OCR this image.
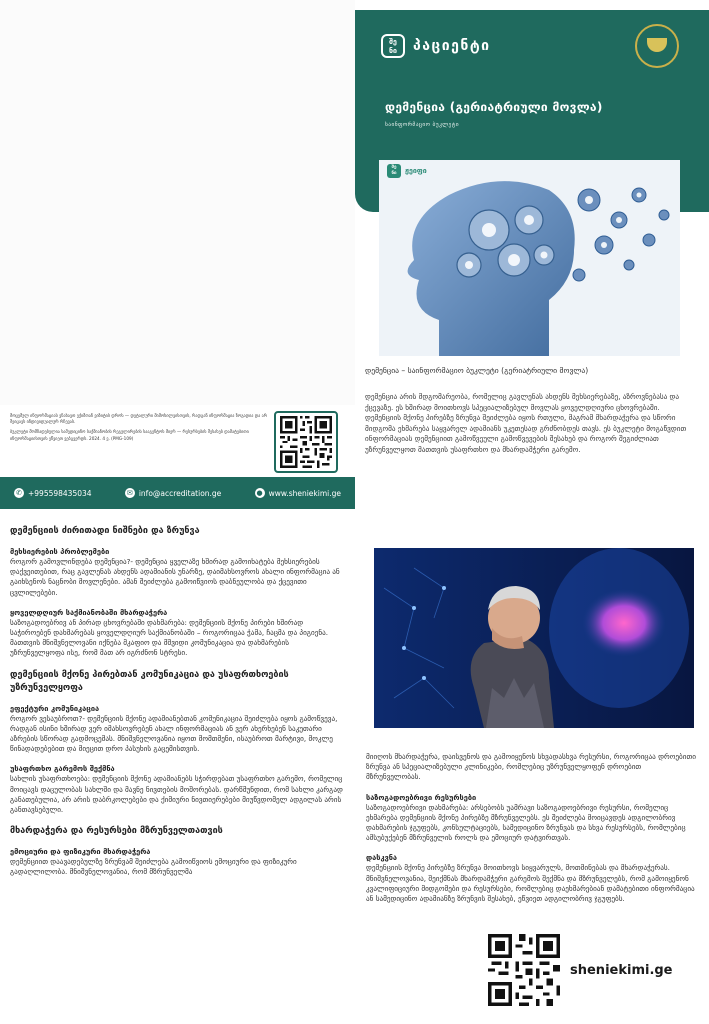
მოცემულ ინფორმაციას ვნახავთ ექიმთან ვიზიტის დროს — დეტალური მიმოხილვისთვის, რადგან ინფორმაცია ზოგადია და არ შეიცავს ინდივიდუალურ რჩევას.

ბუკლეტი მომზადებულია სამედიცინო საქმიანობის რეგულირების სააგენტოს მიერ — რესურსების შესახებ დამატებითი ინფორმაციისთვის ეწვიეთ ვებგვერდს. 2024. 4 ვ. (PMG-109)

✆ +995598435034	✉ info@accreditation.ge	● www.sheniekimi.ge
შე
ნი	პაციენტი
დემენცია (გერიატრიული მოვლა)
საინფორმაციო ბუკლეტი
შე
ნი	ჟეიფი
დემენცია – საინფორმაციო ბუკლეტი (გერიატრიული მოვლა)
დემენცია არის მდგომარეობა, რომელიც გავლენას ახდენს მეხსიერებაზე, აზროვნებასა და ქცევაზე. ეს ხშირად მოითხოვს სპეციალიზებულ მოვლას ყოველდღიური ცხოვრებაში. დემენციის მქონე პირებზე ზრუნვა შეიძლება იყოს რთული, მაგრამ მხარდაჭერა და სწორი მიდგომა ეხმარება საყვარელ ადამიანს უკეთესად გრძნობდეს თავს. ეს ბუკლეტი მოგაწვდით ინფორმაციას დემენციით გამოწვეული გამოწვევების შესახებ და როგორ შეგიძლიათ უზრუნველყოთ მათთვის უსაფრთხო და მხარდამჭერი გარემო.
დემენციის ძირითადი ნიშნები და ზრუნვა
მეხსიერების პრობლემები
როგორ გამოვლინდება დემენცია?- დემენცია ყველაზე ხშირად გამოიხატება მეხსიერების დაქვეითებით, რაც გავლენას ახდენს ადამიანის უნარზე, დაიმახსოვროს ახალი ინფორმაცია ან გაიხსენოს ნაცნობი მოვლენები. ამან შეიძლება გამოიწვიოს დაბნეულობა და ქცევითი ცვლილებები.
ყოველდღიურ საქმიანობაში მხარდაჭერა
საზოგადოებრივ ან პირად ცხოვრებაში დახმარება: დემენციის მქონე პირები ხშირად საჭიროებენ დახმარებას ყოველდღიურ საქმიანობაში – როგორიცაა ჭამა, ჩაცმა და პიგიენა. მათთვის მნიშვნელოვანი იქნება მკაფიო და მშვიდი კომუნიკაცია და დახმარების უზრუნველყოფა ისე, რომ მათ არ იგრძნონ სტრესი.
დემენციის მქონე პირებთან კომუნიკაცია და უსაფრთხოების უზრუნველყოფა
ეფექტური კომუნიკაცია
როგორ ვესაუბროთ?- დემენციის მქონე ადამიანებთან კომუნიკაცია შეიძლება იყოს გამოწვევა, რადგან ისინი ხშირად ვერ იმახსოვრებენ ახალ ინფორმაციას ან ვერ ახერხებენ საკუთარი აზრების სწორად გადმოცემას. მნიშვნელოვანია იყოთ მომთმენი, ისაუბროთ მარტივი, მოკლე წინადადებებით და მიეცით დრო პასუხის გაცემისთვის.
უსაფრთხო გარემოს შექმნა
სახლის უსაფრთხოება: დემენციის მქონე ადამიანებს სჭირდებათ უსაფრთხო გარემო, რომელიც მოიცავს დაცულობას სახლში და მავნე ნივთების მოშორებას. დარწმუნდით, რომ სახლი კარგად განათებულია, არ არის დაბრკოლებები და ქიმიური ნივთიერებები მიუწვდომელ ადგილას არის განთავსებული.
მხარდაჭერა და რესურსები მზრუნველთათვის
ემოციური და ფიზიკური მხარდაჭერა
დემენციით დაავადებულზე ზრუნვამ შეიძლება გამოიწვიოს ემოციური და ფიზიკური გადაღლილობა. მნიშვნელოვანია, რომ მზრუნველმა
მიიღოს მხარდაჭერა, დაისვენოს და გამოიყენოს სხვადასხვა რესურსი, როგორიცაა დროებითი ზრუნვა ან სპეციალიზებული კლინიკები, რომლებიც უზრუნველყოფენ დროებით მზრუნველობას.
საზოგადოებრივი რესურსები
საზოგადოებრივი დახმარება: არსებობს უამრავი საზოგადოებრივი რესურსი, რომელიც ეხმარება დემენციის მქონე პირებზე მზრუნველებს. ეს შეიძლება მოიცავდეს ადგილობრივ დახმარების ჯგუფებს, კონსულტაციებს, სამედიცინო ზრუნვას და სხვა რესურსებს, რომლებიც ამსუბუქებენ მზრუნველის როლს და ემოციურ დატვირთვას.
დასკვნა
დემენციის მქონე პირებზე ზრუნვა მოითხოვს სიყვარულს, მოთმინებას და მხარდაჭერას. მნიშვნელოვანია, შეიქმნას მხარდამჭერი გარემოს შექმნა და მზრუნველებს, რომ გამოიყენონ კვალიფიციური მიდგომები და რესურსები, რომლებიც დაეხმარებიან დამატებითი ინფორმაცია ან სამედიცინო ადამიანზე ზრუნვის შესახებ, ეწვიეთ ადგილობრივ ჯგუფებს.
sheniekimi.ge
